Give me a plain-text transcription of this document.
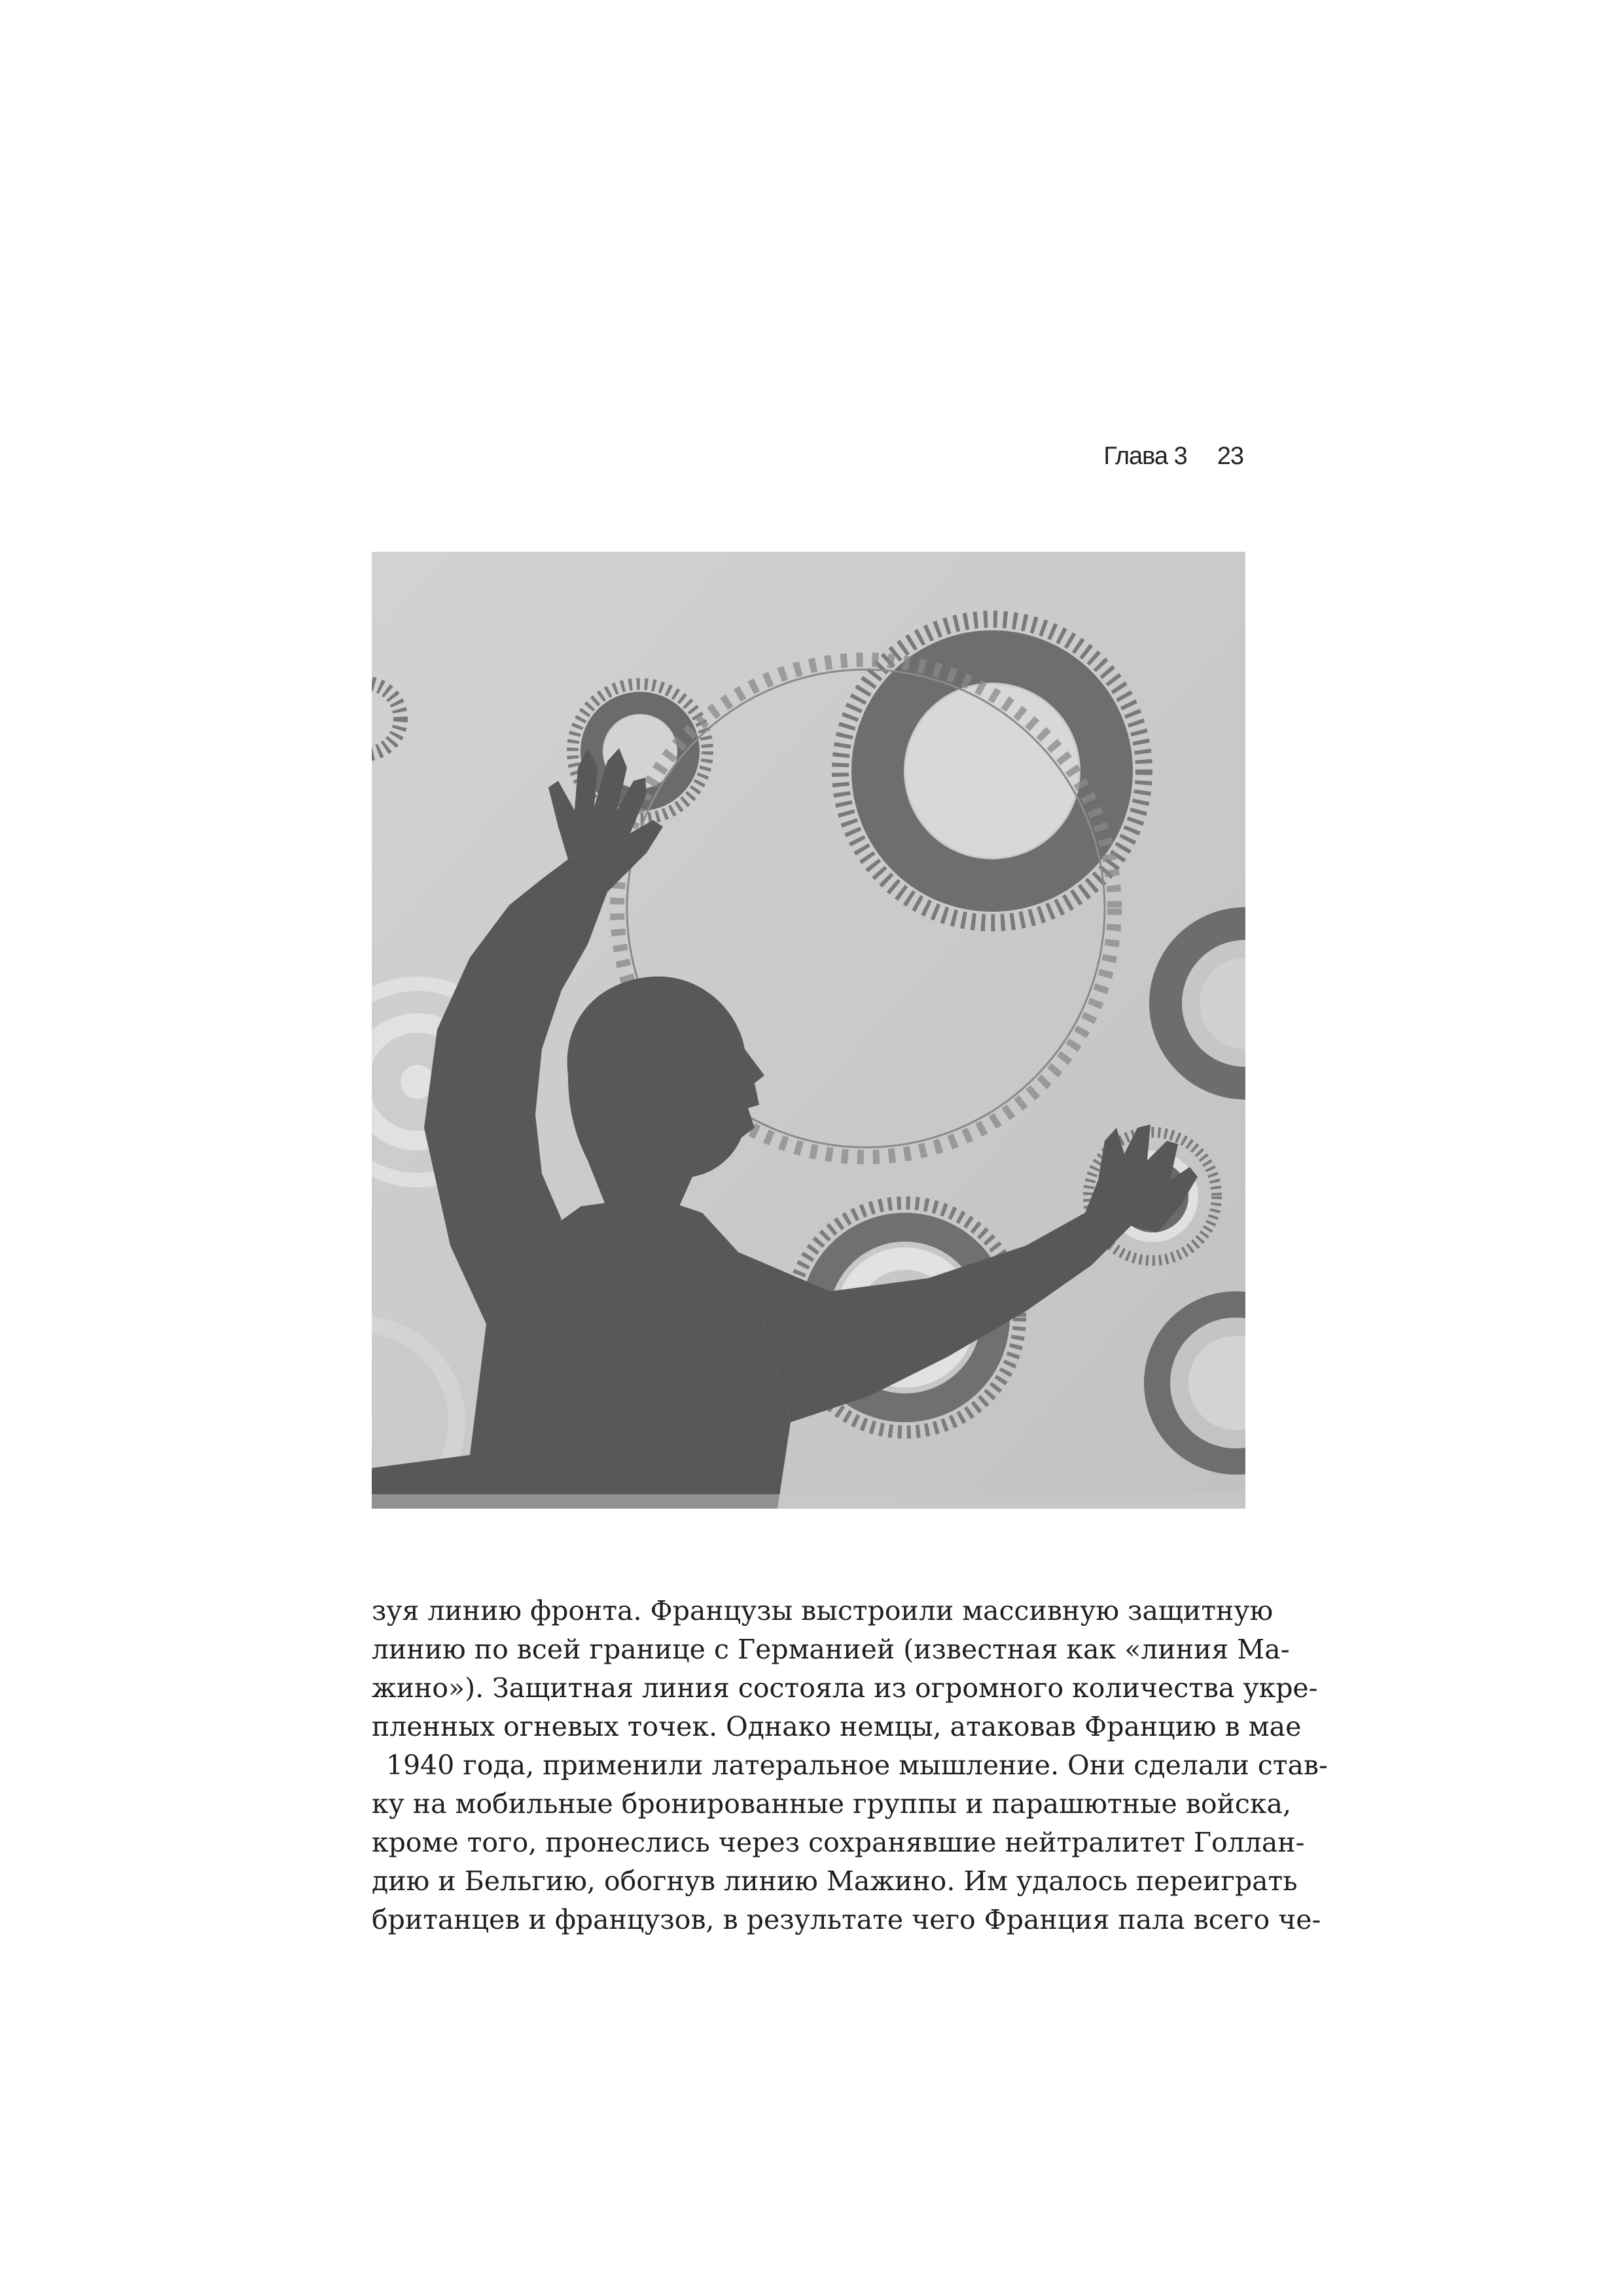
Глава 3 23
зуя линию фронта. Французы выстроили массивную защитную
линию по всей границе с Германией (известная как «линия Ма-
жино»). Защитная линия состояла из огромного количества укре-
пленных огневых точек. Однако немцы, атаковав Францию в мае
1940 года, применили латеральное мышление. Они сделали став-
ку на мобильные бронированные группы и парашютные войска,
кроме того, пронеслись через сохранявшие нейтралитет Голлан-
дию и Бельгию, обогнув линию Мажино. Им удалось переиграть
британцев и французов, в результате чего Франция пала всего че-
